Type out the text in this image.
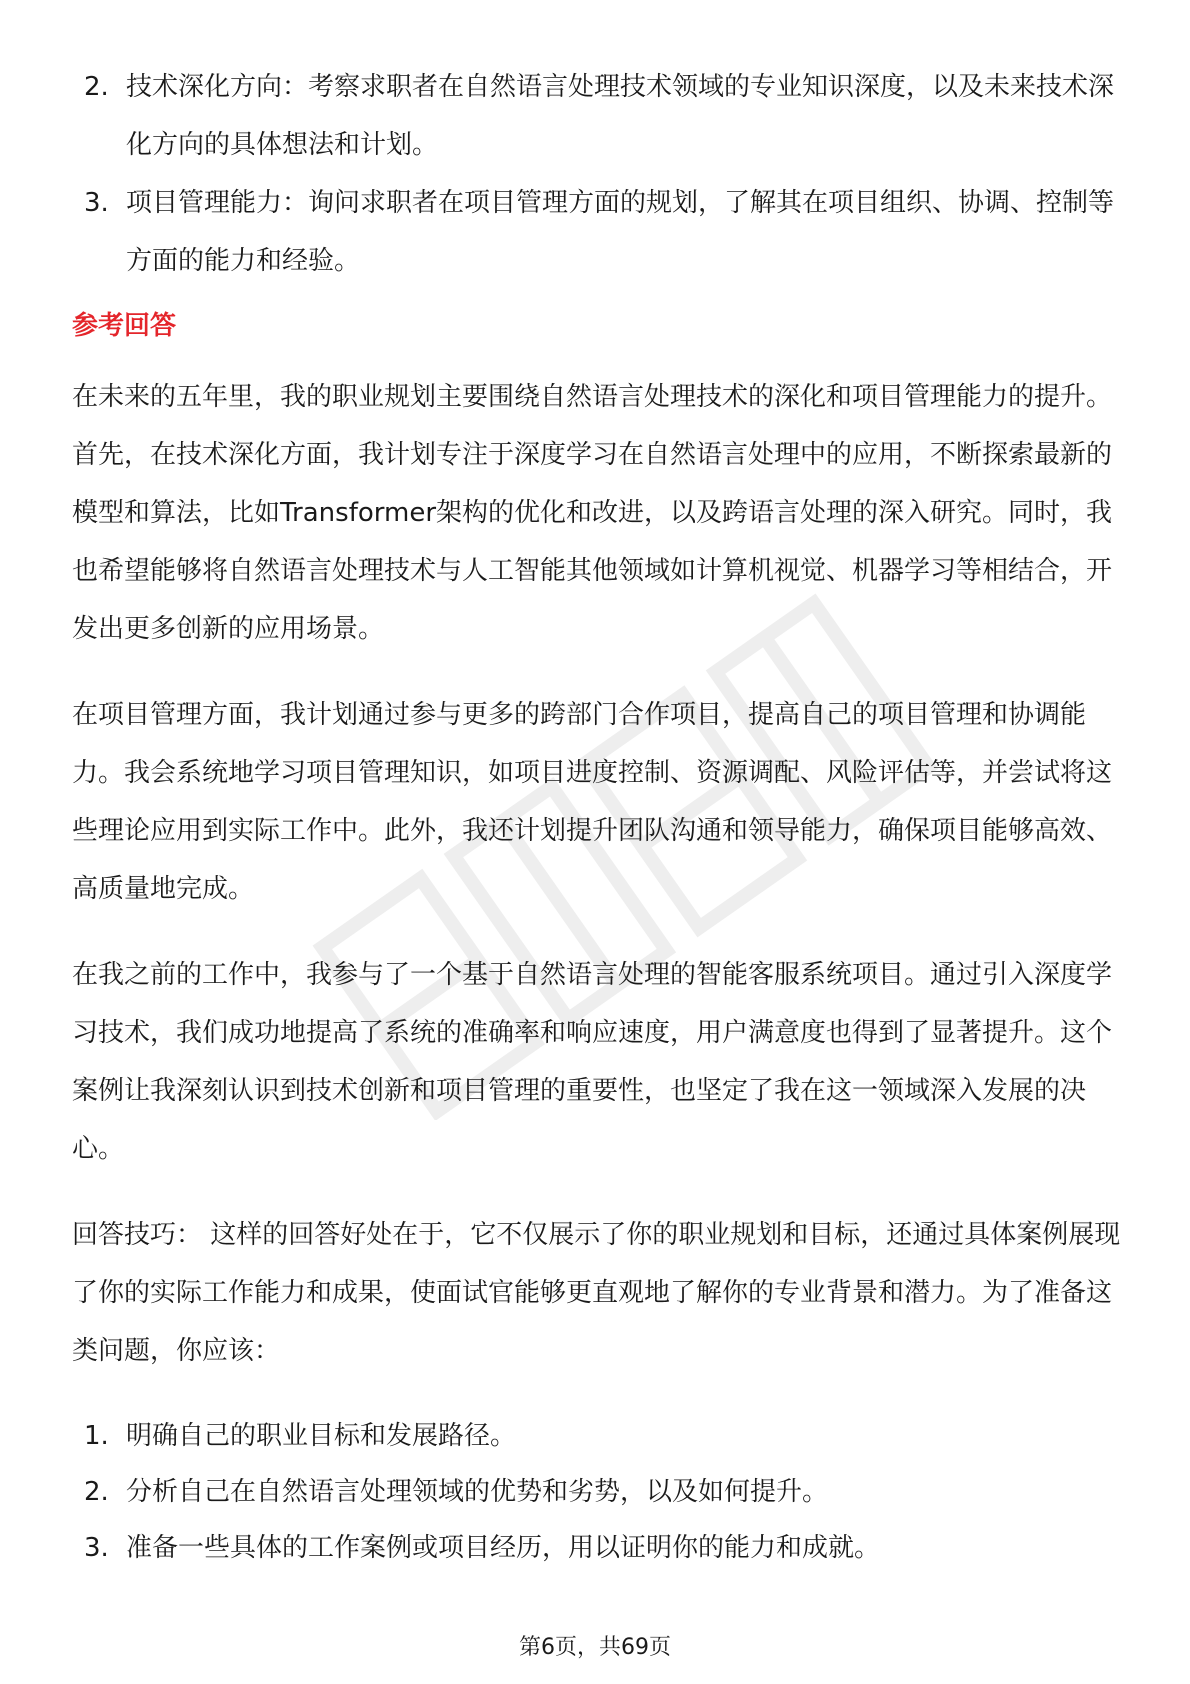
2. 技术深化方向：考察求职者在自然语言处理技术领域的专业知识深度，以及未来技术深化方向的具体想法和计划。
3. 项目管理能力：询问求职者在项目管理方面的规划，了解其在项目组织、协调、控制等方面的能力和经验。
参考回答

在未来的五年里，我的职业规划主要围绕自然语言处理技术的深化和项目管理能力的提升。首先，在技术深化方面，我计划专注于深度学习在自然语言处理中的应用，不断探索最新的模型和算法，比如Transformer架构的优化和改进，以及跨语言处理的深入研究。同时，我也希望能够将自然语言处理技术与人工智能其他领域如计算机视觉、机器学习等相结合，开发出更多创新的应用场景。

在项目管理方面，我计划通过参与更多的跨部门合作项目，提高自己的项目管理和协调能力。我会系统地学习项目管理知识，如项目进度控制、资源调配、风险评估等，并尝试将这些理论应用到实际工作中。此外，我还计划提升团队沟通和领导能力，确保项目能够高效、高质量地完成。

在我之前的工作中，我参与了一个基于自然语言处理的智能客服系统项目。通过引入深度学习技术，我们成功地提高了系统的准确率和响应速度，用户满意度也得到了显著提升。这个案例让我深刻认识到技术创新和项目管理的重要性，也坚定了我在这一领域深入发展的决心。

回答技巧： 这样的回答好处在于，它不仅展示了你的职业规划和目标，还通过具体案例展现了你的实际工作能力和成果，使面试官能够更直观地了解你的专业背景和潜力。为了准备这类问题，你应该：

1. 明确自己的职业目标和发展路径。
2. 分析自己在自然语言处理领域的优势和劣势，以及如何提升。
3. 准备一些具体的工作案例或项目经历，用以证明你的能力和成就。
第6页，共69页
